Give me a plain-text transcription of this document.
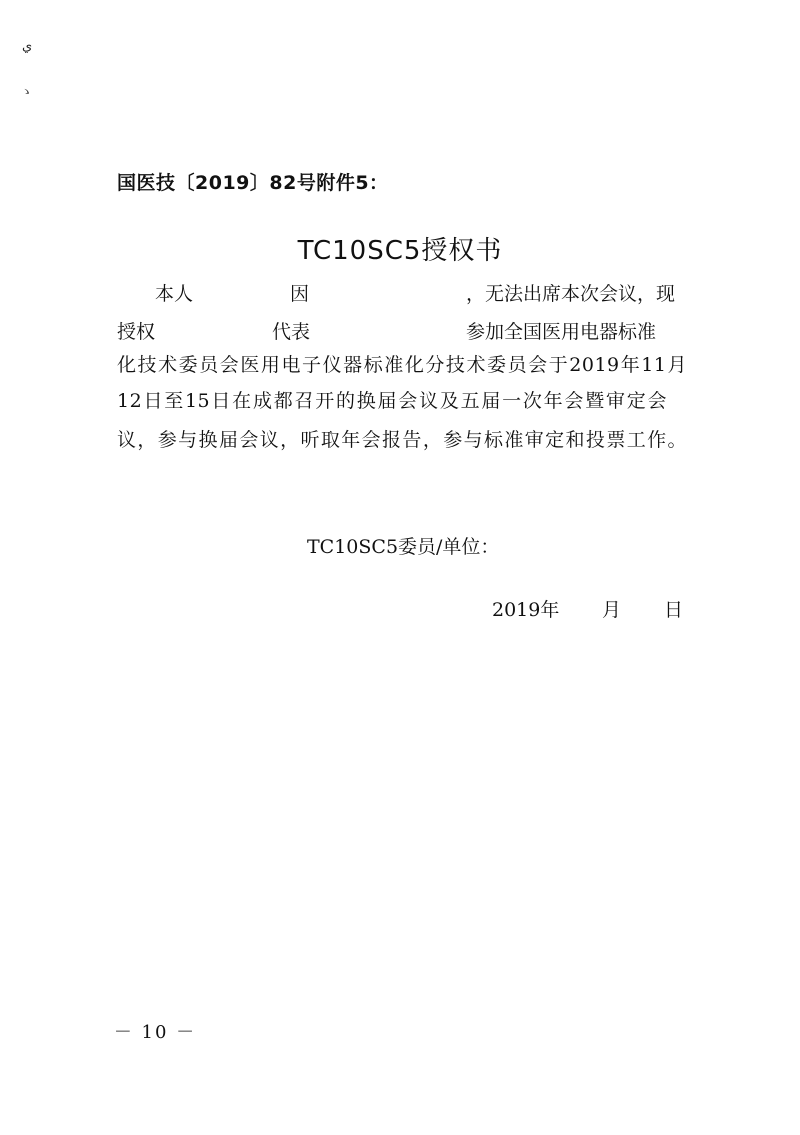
ي
ゝ
国医技〔2019〕82号附件5：
TC10SC5授权书
本人	因	，无法出席本次会议，现
授权	代表	参加全国医用电器标准
化技术委员会医用电子仪器标准化分技术委员会于2019年11月
12日至15日在成都召开的换届会议及五届一次年会暨审定会
议，参与换届会议，听取年会报告，参与标准审定和投票工作。
TC10SC5委员/单位：
2019年 月 日
－ 10 －
